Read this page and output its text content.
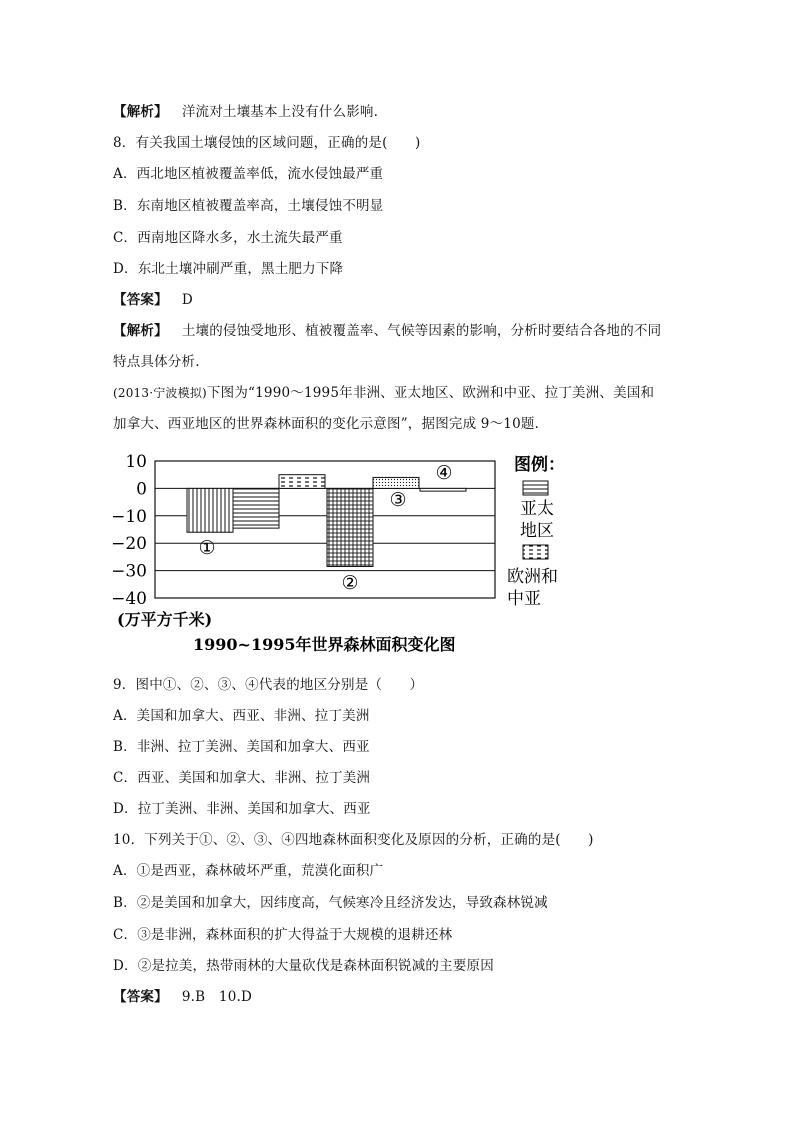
【解析】 洋流对土壤基本上没有什么影响.
8．有关我国土壤侵蚀的区域问题，正确的是(　　)
A．西北地区植被覆盖率低，流水侵蚀最严重
B．东南地区植被覆盖率高，土壤侵蚀不明显
C．西南地区降水多，水土流失最严重
D．东北土壤冲刷严重，黑土肥力下降
【答案】 D
【解析】 土壤的侵蚀受地形、植被覆盖率、气候等因素的影响，分析时要结合各地的不同
特点具体分析.
(2013·宁波模拟)下图为“1990～1995年非洲、亚太地区、欧洲和中亚、拉丁美洲、美国和
加拿大、西亚地区的世界森林面积的变化示意图”，据图完成 9～10题.
10
0
−10
−20
−30
−40
①
②
③
④	图例：
亚太
地区
欧洲和
中亚
(万平方千米)
1990~1995年世界森林面积变化图
9．图中①、②、③、④代表的地区分别是（　　）
A．美国和加拿大、西亚、非洲、拉丁美洲
B．非洲、拉丁美洲、美国和加拿大、西亚
C．西亚、美国和加拿大、非洲、拉丁美洲
D．拉丁美洲、非洲、美国和加拿大、西亚
10．下列关于①、②、③、④四地森林面积变化及原因的分析，正确的是(　　)
A．①是西亚，森林破坏严重，荒漠化面积广
B．②是美国和加拿大，因纬度高，气候寒冷且经济发达，导致森林锐减
C．③是非洲，森林面积的扩大得益于大规模的退耕还林
D．②是拉美，热带雨林的大量砍伐是森林面积锐减的主要原因
【答案】 9.B　10.D
